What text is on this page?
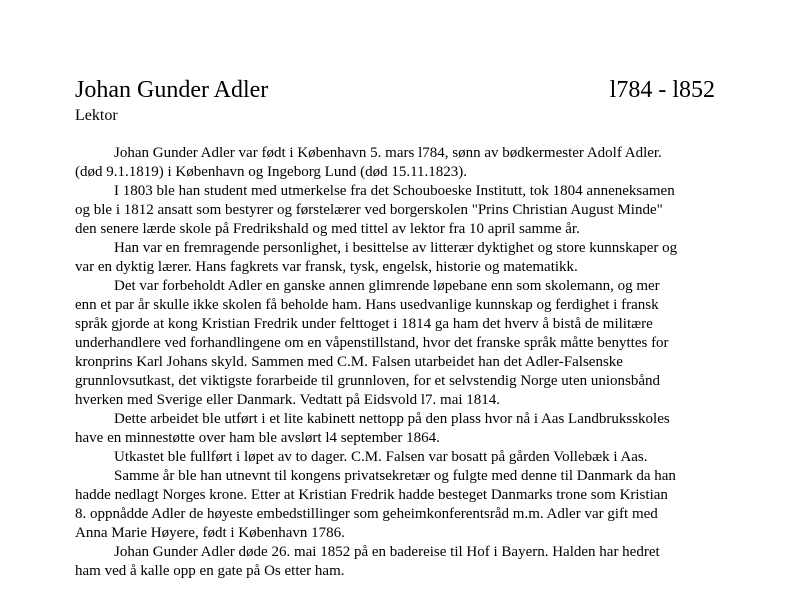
Johan Gunder Adler	l784 - l852
Lektor
Johan Gunder Adler var født i København 5. mars l784, sønn av bødkermester Adolf Adler.
(død 9.1.1819) i København og Ingeborg Lund (død 15.11.1823).
I 1803 ble han student med utmerkelse fra det Schouboeske Institutt, tok 1804 anneneksamen
og ble i 1812 ansatt som bestyrer og førstelærer ved borgerskolen "Prins Christian August Minde"
den senere lærde skole på Fredrikshald og med tittel av lektor fra 10 april samme år.
Han var en fremragende personlighet, i besittelse av litterær dyktighet og store kunnskaper og
var en dyktig lærer. Hans fagkrets var fransk, tysk, engelsk, historie og matematikk.
Det var forbeholdt Adler en ganske annen glimrende løpebane enn som skolemann, og mer
enn et par år skulle ikke skolen få beholde ham. Hans usedvanlige kunnskap og ferdighet i fransk
språk gjorde at kong Kristian Fredrik under felttoget i 1814 ga ham det hverv å bistå de militære
underhandlere ved forhandlingene om en våpenstillstand, hvor det franske språk måtte benyttes for
kronprins Karl Johans skyld. Sammen med C.M. Falsen utarbeidet han det Adler-Falsenske
grunnlovsutkast, det viktigste forarbeide til grunnloven, for et selvstendig Norge uten unionsbånd
hverken med Sverige eller Danmark. Vedtatt på Eidsvold l7. mai 1814.
Dette arbeidet ble utført i et lite kabinett nettopp på den plass hvor nå i Aas Landbruksskoles
have en minnestøtte over ham ble avslørt l4 september 1864.
Utkastet ble fullført i løpet av to dager. C.M. Falsen var bosatt på gården Vollebæk i Aas.
Samme år ble han utnevnt til kongens privatsekretær og fulgte med denne til Danmark da han
hadde nedlagt Norges krone. Etter at Kristian Fredrik hadde besteget Danmarks trone som Kristian
8. oppnådde Adler de høyeste embedstillinger som geheimkonferentsråd m.m. Adler var gift med
Anna Marie Høyere, født i København 1786.
Johan Gunder Adler døde 26. mai 1852 på en badereise til Hof i Bayern. Halden har hedret
ham ved å kalle opp en gate på Os etter ham.
